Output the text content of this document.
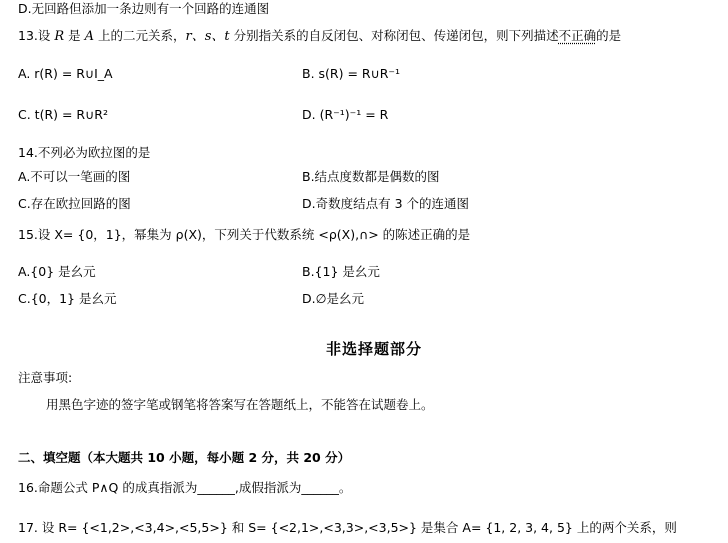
D.无回路但添加一条边则有一个回路的连通图
13.设 R 是 A 上的二元关系，r、s、t 分别指关系的自反闭包、对称闭包、传递闭包，则下列描述不正确的是
A. r(R) = R∪I_A	B. s(R) = R∪R⁻¹
C. t(R) = R∪R²	D. (R⁻¹)⁻¹ = R
14.不列必为欧拉图的是
A.不可以一笔画的图	B.结点度数都是偶数的图
C.存在欧拉回路的图	D.奇数度结点有 3 个的连通图
15.设 X= {0，1}，幂集为 ρ(X)，下列关于代数系统 <ρ(X),∩> 的陈述正确的是
A.{0} 是幺元	B.{1} 是幺元
C.{0，1} 是幺元	D.∅是幺元
非选择题部分
注意事项:
用黑色字迹的签字笔或钢笔将答案写在答题纸上，不能答在试题卷上。
二、填空题（本大题共 10 小题，每小题 2 分，共 20 分）
16.命题公式 P∧Q 的成真指派为______,成假指派为______。
17. 设 R= {<1,2>,<3,4>,<5,5>} 和 S= {<2,1>,<3,3>,<3,5>} 是集合 A= {1, 2, 3, 4, 5} 上的两个关系，则
